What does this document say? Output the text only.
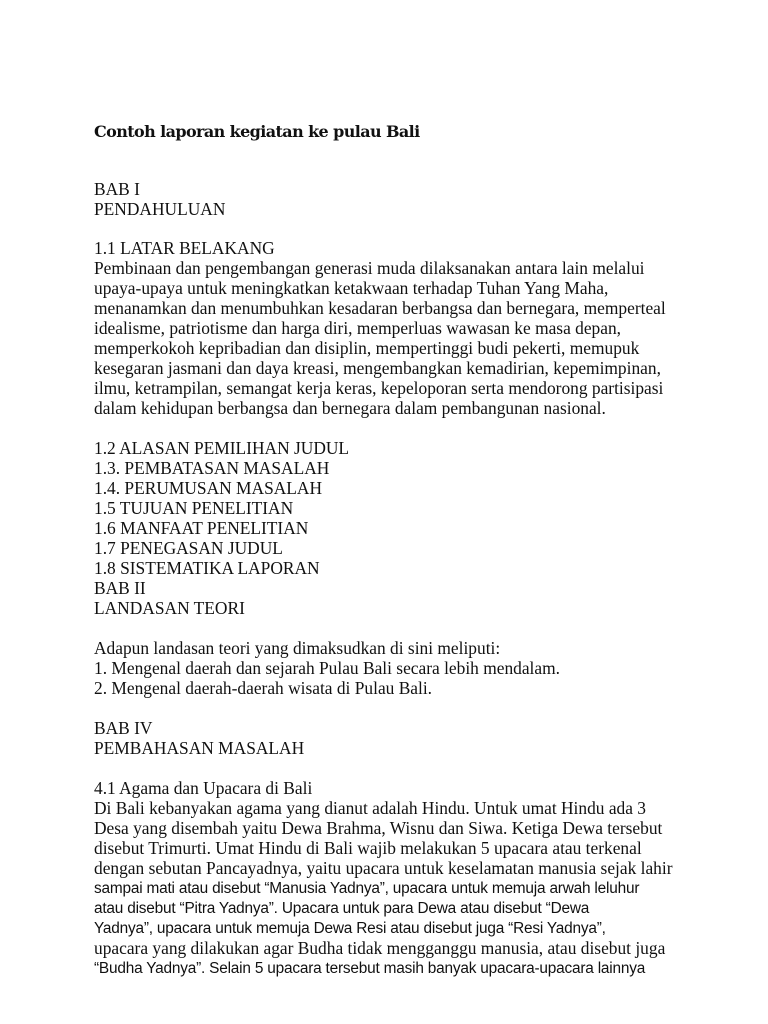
Contoh laporan kegiatan ke pulau Bali
BAB I
PENDAHULUAN
1.1 LATAR BELAKANG
Pembinaan dan pengembangan generasi muda dilaksanakan antara lain melalui
upaya-upaya untuk meningkatkan ketakwaan terhadap Tuhan Yang Maha,
menanamkan dan menumbuhkan kesadaran berbangsa dan bernegara, memperteal
idealisme, patriotisme dan harga diri, memperluas wawasan ke masa depan,
memperkokoh kepribadian dan disiplin, mempertinggi budi pekerti, memupuk
kesegaran jasmani dan daya kreasi, mengembangkan kemadirian, kepemimpinan,
ilmu, ketrampilan, semangat kerja keras, kepeloporan serta mendorong partisipasi
dalam kehidupan berbangsa dan bernegara dalam pembangunan nasional.
1.2 ALASAN PEMILIHAN JUDUL
1.3. PEMBATASAN MASALAH
1.4. PERUMUSAN MASALAH
1.5 TUJUAN PENELITIAN
1.6 MANFAAT PENELITIAN
1.7 PENEGASAN JUDUL
1.8 SISTEMATIKA LAPORAN
BAB II
LANDASAN TEORI
Adapun landasan teori yang dimaksudkan di sini meliputi:
1. Mengenal daerah dan sejarah Pulau Bali secara lebih mendalam.
2. Mengenal daerah-daerah wisata di Pulau Bali.
BAB IV
PEMBAHASAN MASALAH
4.1 Agama dan Upacara di Bali
Di Bali kebanyakan agama yang dianut adalah Hindu. Untuk umat Hindu ada 3
Desa yang disembah yaitu Dewa Brahma, Wisnu dan Siwa. Ketiga Dewa tersebut
disebut Trimurti. Umat Hindu di Bali wajib melakukan 5 upacara atau terkenal
dengan sebutan Pancayadnya, yaitu upacara untuk keselamatan manusia sejak lahir
sampai mati atau disebut “Manusia Yadnya”, upacara untuk memuja arwah leluhur
atau disebut “Pitra Yadnya”. Upacara untuk para Dewa atau disebut “Dewa
Yadnya”, upacara untuk memuja Dewa Resi atau disebut juga “Resi Yadnya”,
upacara yang dilakukan agar Budha tidak mengganggu manusia, atau disebut juga
“Budha Yadnya”. Selain 5 upacara tersebut masih banyak upacara-upacara lainnya
